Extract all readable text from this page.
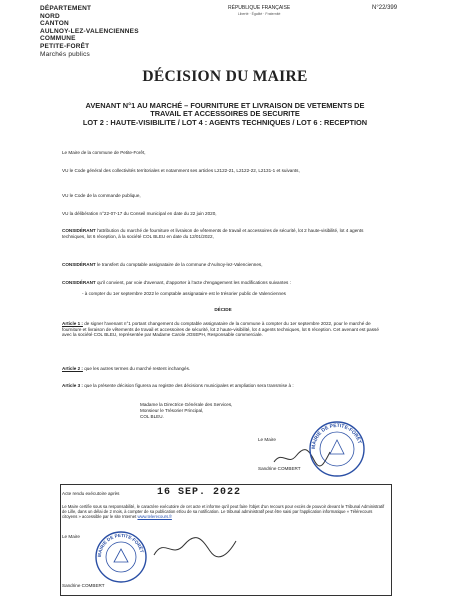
DÉPARTEMENT
NORD
CANTON
AULNOY-LEZ-VALENCIENNES
COMMUNE
PETITE-FORÊT
Marchés publics
RÉPUBLIQUE FRANÇAISE
Liberté · Égalité · Fraternité
N°22/399
DÉCISION DU MAIRE
AVENANT N°1 AU MARCHÉ – FOURNITURE ET LIVRAISON DE VETEMENTS DE
TRAVAIL ET ACCESSOIRES DE SECURITE
LOT 2 : HAUTE-VISIBILITE / LOT 4 : AGENTS TECHNIQUES / LOT 6 : RECEPTION
Le Maire de la commune de Petite-Forêt,
VU le Code général des collectivités territoriales et notamment ses articles L2122-21, L2122-22, L2131-1 et suivants,
VU le Code de la commande publique,
VU la délibération n°22-07-17 du Conseil municipal en date du 22 juin 2020,
CONSIDÉRANT l'attribution du marché de fourniture et livraison de vêtements de travail et accessoires de sécurité, lot 2 haute-visibilité, lot 4 agents techniques, lot 6 réception, à la société COL BLEU en date du 12/01/2022,
CONSIDÉRANT le transfert du comptable assignataire de la commune d'Aulnoy-lez-Valenciennes,
CONSIDÉRANT qu'il convient, par voie d'avenant, d'apporter à l'acte d'engagement les modifications suivantes :
- à compter du 1er septembre 2022 le comptable assignataire est le trésorier public de Valenciennes
DÉCIDE
Article 1 : de signer l'avenant n°1 portant changement du comptable assignataire de la commune à compter du 1er septembre 2022, pour le marché de fourniture et livraison de vêtements de travail et accessoires de sécurité, lot 2 haute-visibilité, lot 4 agents techniques, lot 6 réception. Cet avenant est passé avec la société COL BLEU, représentée par Madame Carole JOSEPH, Responsable commerciale.
Article 2 : que les autres termes du marché restent inchangés.
Article 3 : que la présente décision figurera au registre des décisions municipales et ampliation sera transmise à :
Madame la Directrice Générale des Services,
Monsieur le Trésorier Principal,
COL BLEU.
Le Maire
Sandrine COMBERT
MAIRIE DE PETITE-FORÊT
Acte rendu exécutoire après	16 SEP. 2022
Le Maire certifie sous sa responsabilité, le caractère exécutoire de cet acte et informe qu'il peut faire l'objet d'un recours pour excès de pouvoir devant le Tribunal Administratif de Lille, dans un délai de 2 mois, à compter de sa publication et/ou de sa notification. Le tribunal administratif peut être saisi par l'application informatique « Télérecours citoyens » accessible par le site Internet www.telerecours.fr
Le Maire
Sandrine COMBERT
MAIRIE DE PETITE-FORÊT
